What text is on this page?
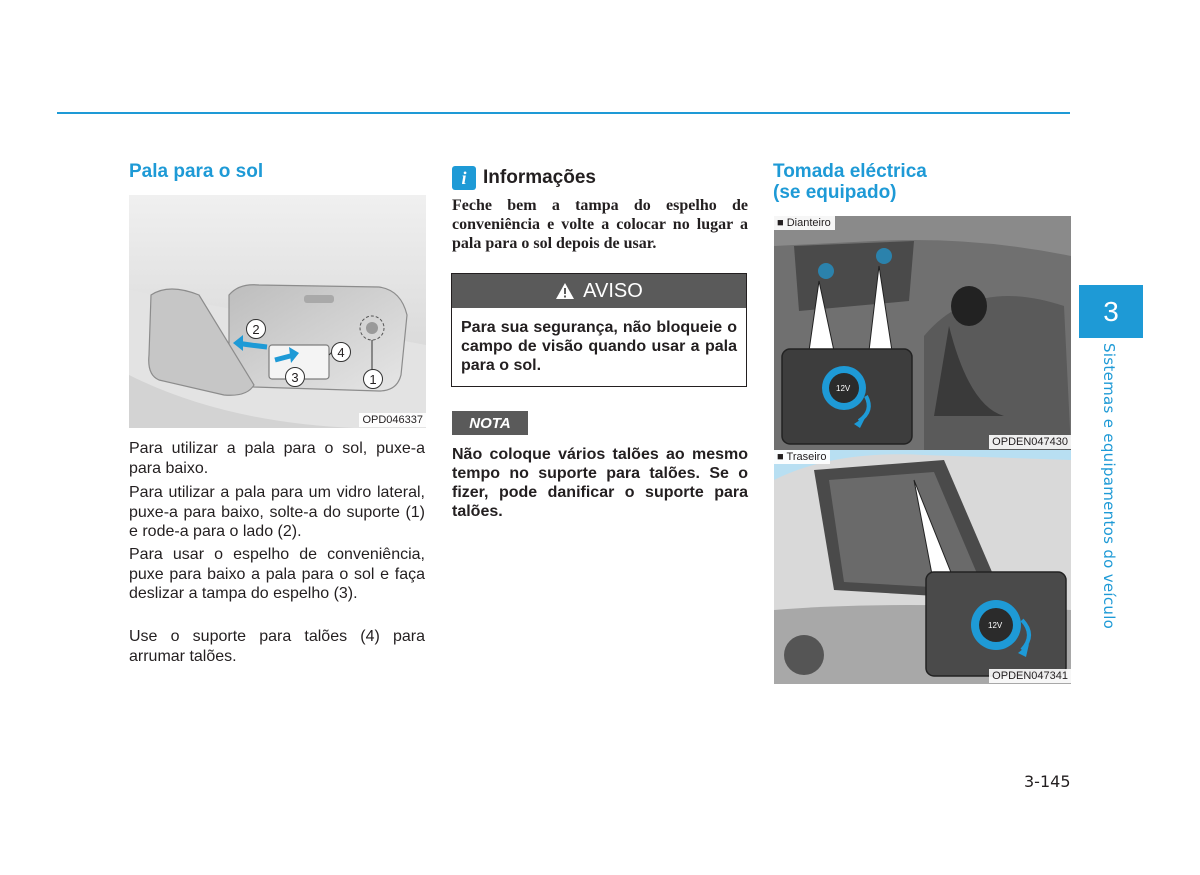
Pala para o sol
2
4
3	1
OPD046337

Para utilizar a pala para o sol, puxe-a para baixo.

Para utilizar a pala para um vidro lateral, puxe-a para baixo, solte-a do suporte (1) e rode-a para o lado (2).

Para usar o espelho de conveniência, puxe para baixo a pala para o sol e faça deslizar a tampa do espelho (3).

Use o suporte para talões (4) para arrumar talões.

i Informações

Feche bem a tampa do espelho de conveniência e volte a colocar no lugar a pala para o sol depois de usar.

AVISO

Para sua segurança, não bloqueie o campo de visão quando usar a pala para o sol.

NOTA

Não coloque vários talões ao mesmo tempo no suporte para talões. Se o fizer, pode danificar o suporte para talões.

Tomada eléctrica
(se equipado)
12V
■ Dianteiro
OPDEN047430
12V
■ Traseiro
OPDEN047341
3
Sistemas e equipamentos do veículo
3-145
